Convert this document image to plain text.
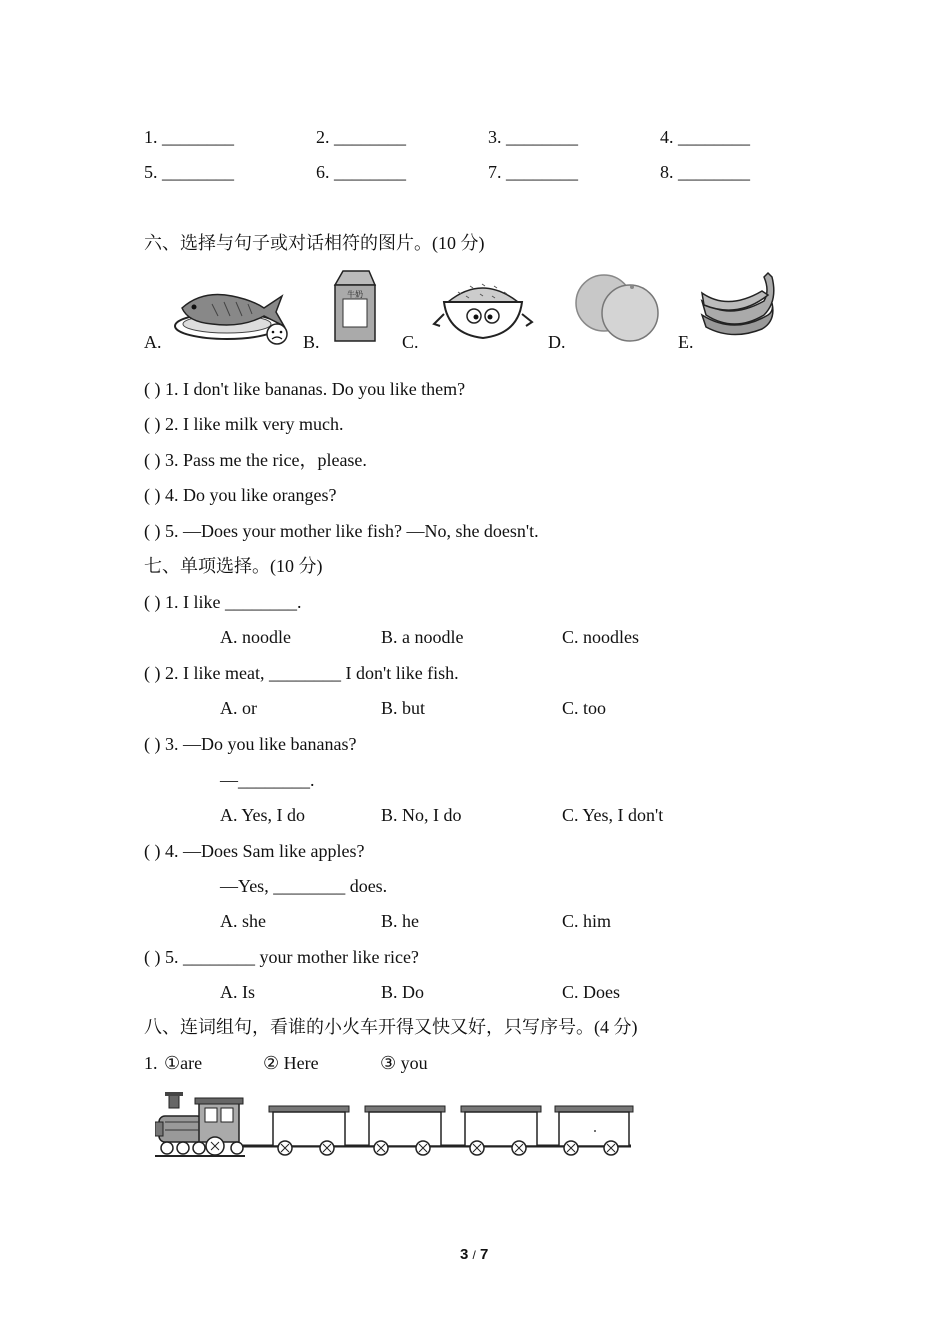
1. ________	2. ________	3. ________	4. ________
5. ________	6. ________	7. ________	8. ________
六、选择与句子或对话相符的图片。(10 分)
A.	B.	C.	D.	E.
牛奶
( ) 1. I don't like bananas. Do you like them?
( ) 2. I like milk very much.
( ) 3. Pass me the rice，please.
( ) 4. Do you like oranges?
( ) 5. —Does your mother like fish? —No, she doesn't.
七、单项选择。(10 分)
( ) 1. I like ________.
A. noodle	B. a noodle	C. noodles
( ) 2. I like meat, ________ I don't like fish.
A. or	B. but	C. too
( ) 3. —Do you like bananas?
—________.
A. Yes, I do	B. No, I do	C. Yes, I don't
( ) 4. —Does Sam like apples?
—Yes, ________ does.
A. she	B. he	C. him
( ) 5. ________ your mother like rice?
A. Is	B. Do	C. Does
八、连词组句，看谁的小火车开得又快又好，只写序号。(4 分)
1. ①are	② Here	③ you
3 / 7
